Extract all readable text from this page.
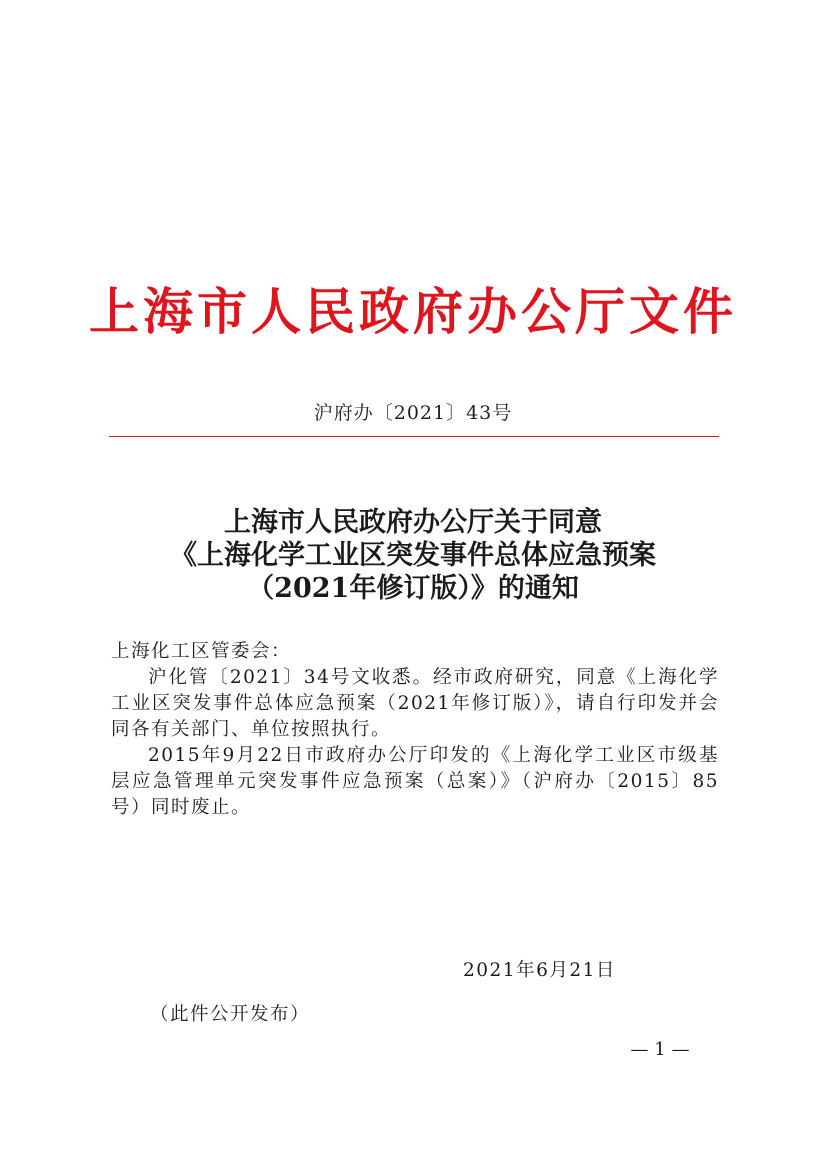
上海市人民政府办公厅文件
沪府办〔2021〕43号
上海市人民政府办公厅关于同意
《上海化学工业区突发事件总体应急预案
（2021年修订版）》的通知

上海化工区管委会：

沪化管〔2021〕34号文收悉。经市政府研究，同意《上海化学工业区突发事件总体应急预案（2021年修订版）》，请自行印发并会同各有关部门、单位按照执行。

2015年9月22日市政府办公厅印发的《上海化学工业区市级基层应急管理单元突发事件应急预案（总案）》（沪府办〔2015〕85号）同时废止。

2021年6月21日
（此件公开发布）
— 1 —
